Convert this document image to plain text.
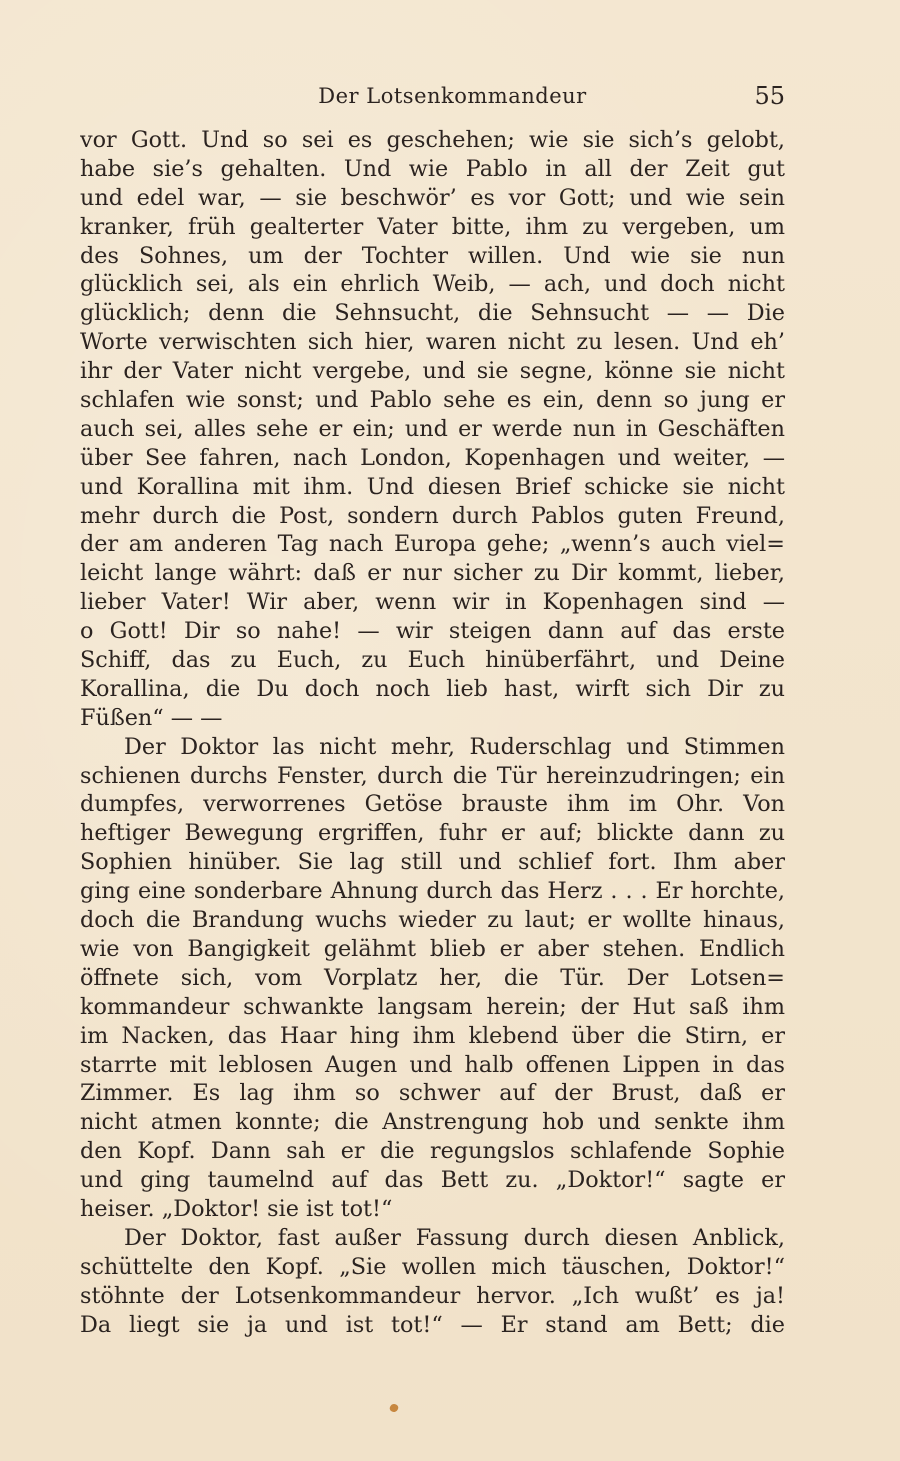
Der Lotsenkommandeur	55
vor Gott. Und so sei es geschehen; wie sie sich’s gelobt,
habe sie’s gehalten. Und wie Pablo in all der Zeit gut
und edel war, — sie beschwör’ es vor Gott; und wie sein
kranker, früh gealterter Vater bitte, ihm zu vergeben, um
des Sohnes, um der Tochter willen. Und wie sie nun
glücklich sei, als ein ehrlich Weib, — ach, und doch nicht
glücklich; denn die Sehnsucht, die Sehnsucht — — Die
Worte verwischten sich hier, waren nicht zu lesen. Und eh’
ihr der Vater nicht vergebe, und sie segne, könne sie nicht
schlafen wie sonst; und Pablo sehe es ein, denn so jung er
auch sei, alles sehe er ein; und er werde nun in Geschäften
über See fahren, nach London, Kopenhagen und weiter, —
und Korallina mit ihm. Und diesen Brief schicke sie nicht
mehr durch die Post, sondern durch Pablos guten Freund,
der am anderen Tag nach Europa gehe; „wenn’s auch viel=
leicht lange währt: daß er nur sicher zu Dir kommt, lieber,
lieber Vater! Wir aber, wenn wir in Kopenhagen sind —
o Gott! Dir so nahe! — wir steigen dann auf das erste
Schiff, das zu Euch, zu Euch hinüberfährt, und Deine
Korallina, die Du doch noch lieb hast, wirft sich Dir zu
Füßen“ — —
Der Doktor las nicht mehr, Ruderschlag und Stimmen
schienen durchs Fenster, durch die Tür hereinzudringen; ein
dumpfes, verworrenes Getöse brauste ihm im Ohr. Von
heftiger Bewegung ergriffen, fuhr er auf; blickte dann zu
Sophien hinüber. Sie lag still und schlief fort. Ihm aber
ging eine sonderbare Ahnung durch das Herz . . . Er horchte,
doch die Brandung wuchs wieder zu laut; er wollte hinaus,
wie von Bangigkeit gelähmt blieb er aber stehen. Endlich
öffnete sich, vom Vorplatz her, die Tür. Der Lotsen=
kommandeur schwankte langsam herein; der Hut saß ihm
im Nacken, das Haar hing ihm klebend über die Stirn, er
starrte mit leblosen Augen und halb offenen Lippen in das
Zimmer. Es lag ihm so schwer auf der Brust, daß er
nicht atmen konnte; die Anstrengung hob und senkte ihm
den Kopf. Dann sah er die regungslos schlafende Sophie
und ging taumelnd auf das Bett zu. „Doktor!“ sagte er
heiser. „Doktor! sie ist tot!“
Der Doktor, fast außer Fassung durch diesen Anblick,
schüttelte den Kopf. „Sie wollen mich täuschen, Doktor!“
stöhnte der Lotsenkommandeur hervor. „Ich wußt’ es ja!
Da liegt sie ja und ist tot!“ — Er stand am Bett; die
